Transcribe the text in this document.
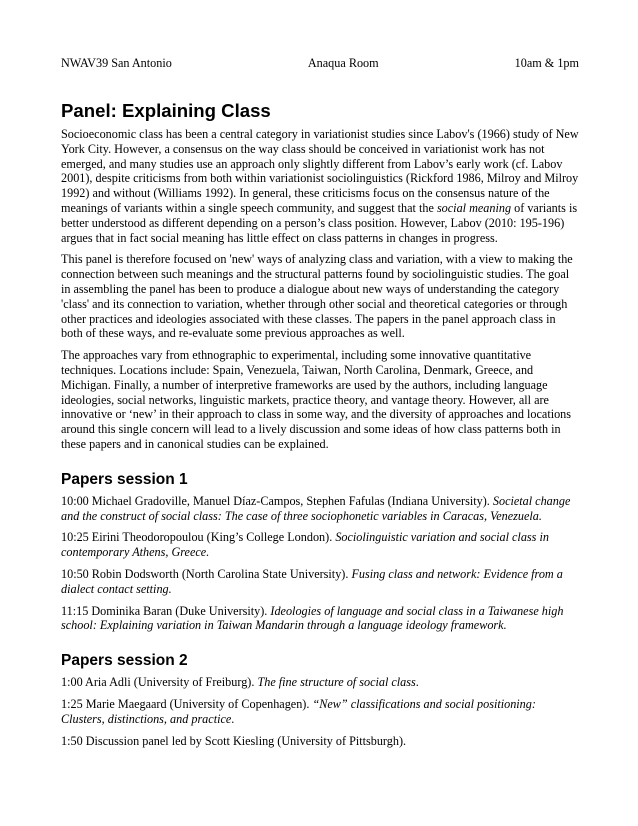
NWAV39 San Antonio	Anaqua Room	10am & 1pm
Panel: Explaining Class

Socioeconomic class has been a central category in variationist studies since Labov's (1966) study of New York City. However, a consensus on the way class should be conceived in variationist work has not emerged, and many studies use an approach only slightly different from Labov’s early work (cf. Labov 2001), despite criticisms from both within variationist sociolinguistics (Rickford 1986, Milroy and Milroy 1992) and without (Williams 1992). In general, these criticisms focus on the consensus nature of the meanings of variants within a single speech community, and suggest that the social meaning of variants is better understood as different depending on a person’s class position. However, Labov (2010: 195-196) argues that in fact social meaning has little effect on class patterns in changes in progress.

This panel is therefore focused on 'new' ways of analyzing class and variation, with a view to making the connection between such meanings and the structural patterns found by sociolinguistic studies. The goal in assembling the panel has been to produce a dialogue about new ways of understanding the category 'class' and its connection to variation, whether through other social and theoretical categories or through other practices and ideologies associated with these classes. The papers in the panel approach class in both of these ways, and re-evaluate some previous approaches as well.

The approaches vary from ethnographic to experimental, including some innovative quantitative techniques. Locations include: Spain, Venezuela, Taiwan, North Carolina, Denmark, Greece, and Michigan. Finally, a number of interpretive frameworks are used by the authors, including language ideologies, social networks, linguistic markets, practice theory, and vantage theory. However, all are innovative or ‘new’ in their approach to class in some way, and the diversity of approaches and locations around this single concern will lead to a lively discussion and some ideas of how class patterns both in these papers and in canonical studies can be explained.

Papers session 1

10:00 Michael Gradoville, Manuel Díaz-Campos, Stephen Fafulas (Indiana University). Societal change and the construct of social class: The case of three sociophonetic variables in Caracas, Venezuela.

10:25 Eirini Theodoropoulou (King’s College London). Sociolinguistic variation and social class in contemporary Athens, Greece.

10:50 Robin Dodsworth (North Carolina State University). Fusing class and network: Evidence from a dialect contact setting.

11:15 Dominika Baran (Duke University). Ideologies of language and social class in a Taiwanese high school: Explaining variation in Taiwan Mandarin through a language ideology framework.

Papers session 2

1:00 Aria Adli (University of Freiburg). The fine structure of social class.

1:25 Marie Maegaard (University of Copenhagen). “New” classifications and social positioning: Clusters, distinctions, and practice.

1:50 Discussion panel led by Scott Kiesling (University of Pittsburgh).
